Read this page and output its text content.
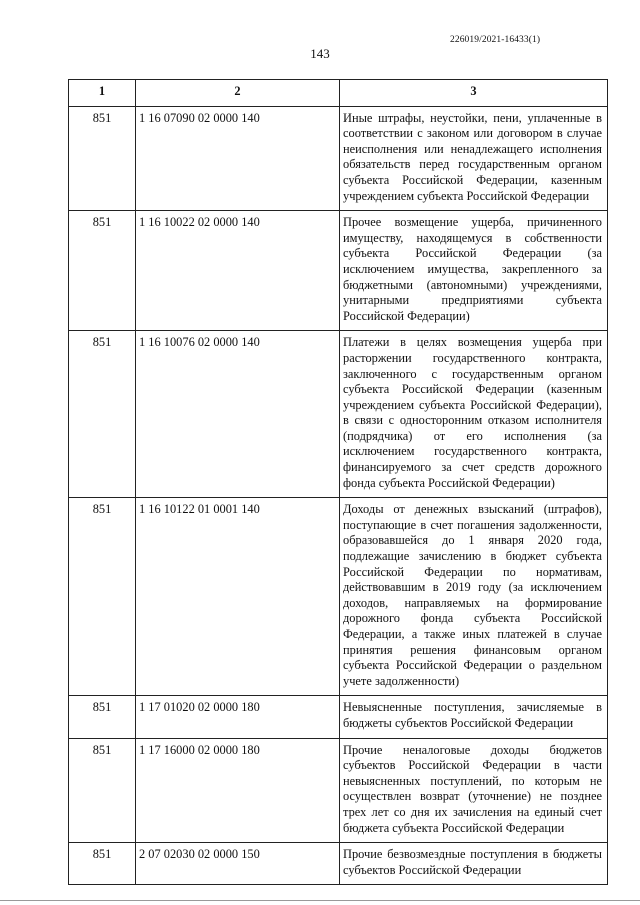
226019/2021-16433(1)
143
1	2	3
851	1 16 07090 02 0000 140	Иные штрафы, неустойки, пени, уплаченные в соответствии с законом или договором в случае неисполнения или ненадлежащего исполнения обязательств перед государственным органом субъекта Российской Федерации, казенным учреждением субъекта Российской Федерации
851	1 16 10022 02 0000 140	Прочее возмещение ущерба, причиненного имуществу, находящемуся в собственности субъекта Российской Федерации (за исключением имущества, закрепленного за бюджетными (автономными) учреждениями, унитарными предприятиями субъекта Российской Федерации)
851	1 16 10076 02 0000 140	Платежи в целях возмещения ущерба при расторжении государственного контракта, заключенного с государственным органом субъекта Российской Федерации (казенным учреждением субъекта Российской Федерации), в связи с односторонним отказом исполнителя (подрядчика) от его исполнения (за исключением государственного контракта, финансируемого за счет средств дорожного фонда субъекта Российской Федерации)
851	1 16 10122 01 0001 140	Доходы от денежных взысканий (штрафов), поступающие в счет погашения задолженности, образовавшейся до 1 января 2020 года, подлежащие зачислению в бюджет субъекта Российской Федерации по нормативам, действовавшим в 2019 году (за исключением доходов, направляемых на формирование дорожного фонда субъекта Российской Федерации, а также иных платежей в случае принятия решения финансовым органом субъекта Российской Федерации о раздельном учете задолженности)
851	1 17 01020 02 0000 180	Невыясненные поступления, зачисляемые в бюджеты субъектов Российской Федерации
851	1 17 16000 02 0000 180	Прочие неналоговые доходы бюджетов субъектов Российской Федерации в части невыясненных поступлений, по которым не осуществлен возврат (уточнение) не позднее трех лет со дня их зачисления на единый счет бюджета субъекта Российской Федерации
851	2 07 02030 02 0000 150	Прочие безвозмездные поступления в бюджеты субъектов Российской Федерации
